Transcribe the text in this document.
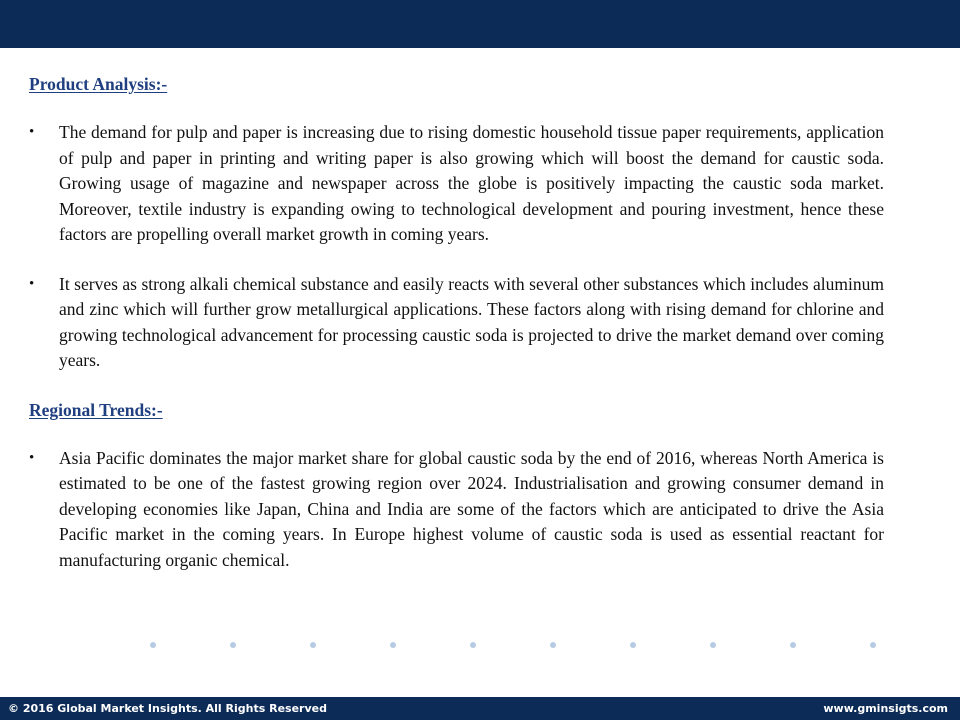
Product Analysis:-
• The demand for pulp and paper is increasing due to rising domestic household tissue paper requirements, application of pulp and paper in printing and writing paper is also growing which will boost the demand for caustic soda. Growing usage of magazine and newspaper across the globe is positively impacting the caustic soda market. Moreover, textile industry is expanding owing to technological development and pouring investment, hence these factors are propelling overall market growth in coming years.
• It serves as strong alkali chemical substance and easily reacts with several other substances which includes aluminum and zinc which will further grow metallurgical applications. These factors along with rising demand for chlorine and growing technological advancement for processing caustic soda is projected to drive the market demand over coming years.
Regional Trends:-
• Asia Pacific dominates the major market share for global caustic soda by the end of 2016, whereas North America is estimated to be one of the fastest growing region over 2024. Industrialisation and growing consumer demand in developing economies like Japan, China and India are some of the factors which are anticipated to drive the Asia Pacific market in the coming years. In Europe highest volume of caustic soda is used as essential reactant for manufacturing organic chemical.
© 2016 Global Market Insights. All Rights Reserved	www.gminsigts.com
